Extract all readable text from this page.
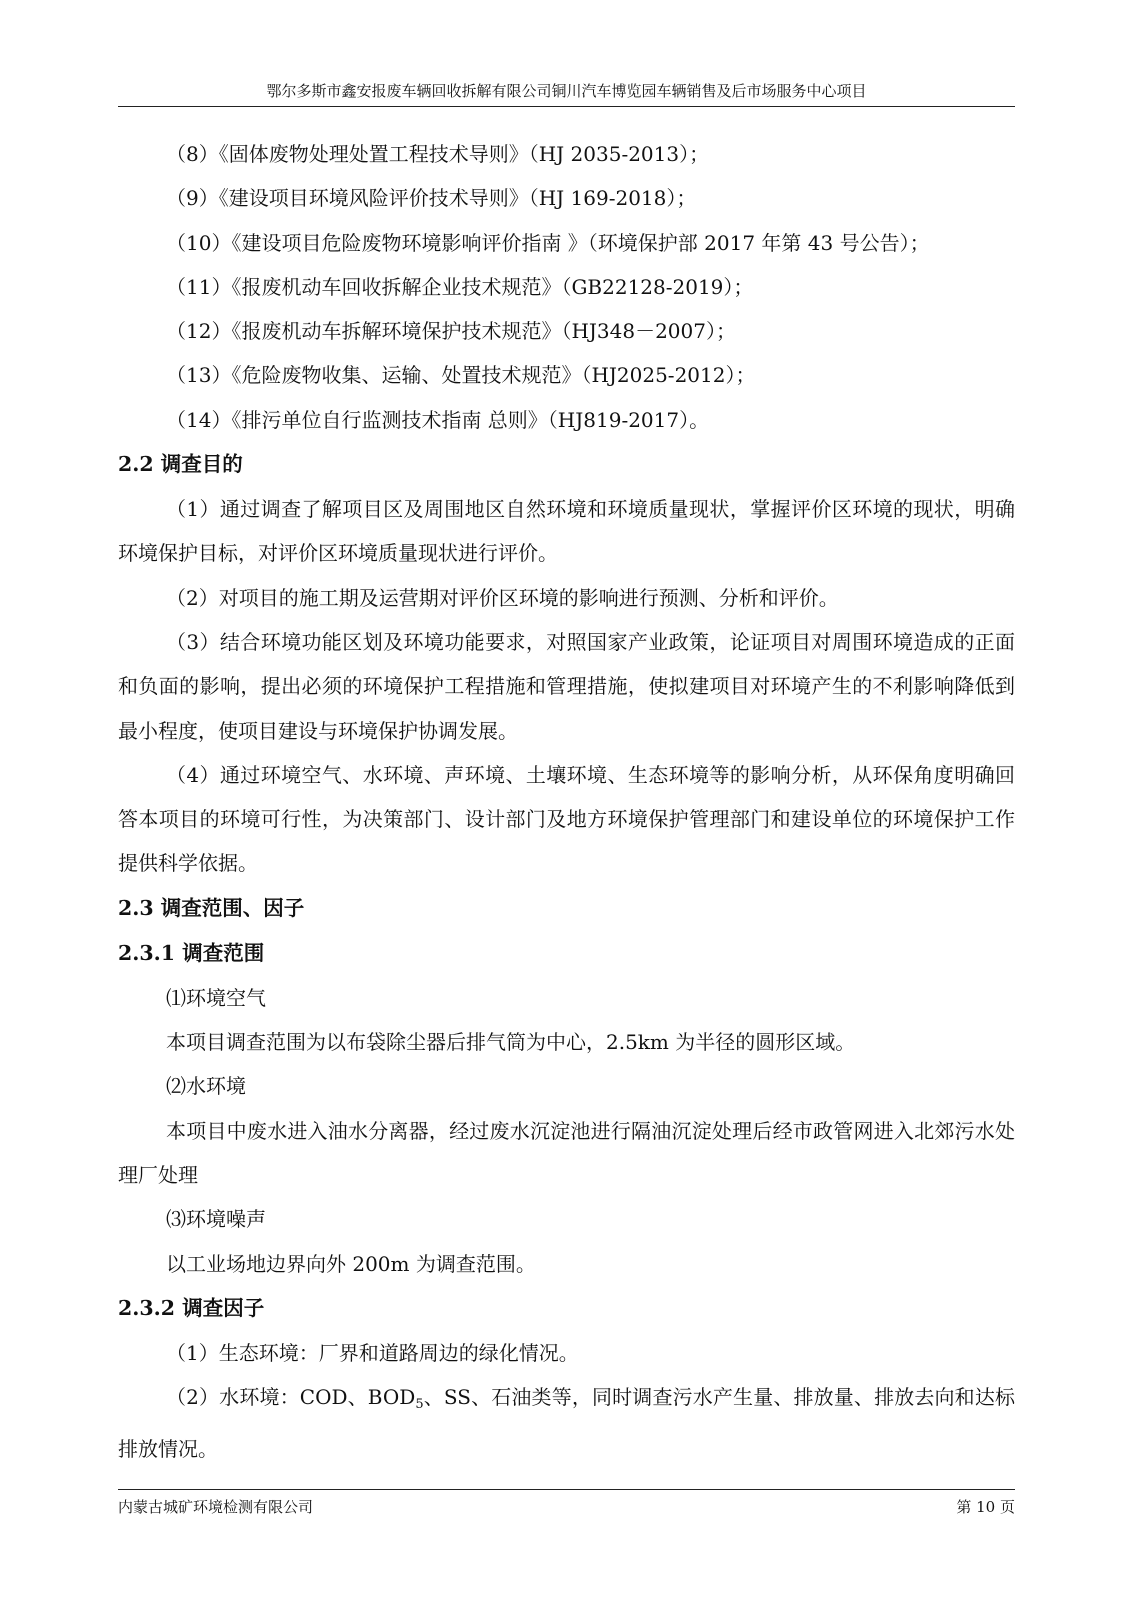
鄂尔多斯市鑫安报废车辆回收拆解有限公司铜川汽车博览园车辆销售及后市场服务中心项目

（8）《固体废物处理处置工程技术导则》（HJ 2035-2013）；

（9）《建设项目环境风险评价技术导则》（HJ 169-2018）；

（10）《建设项目危险废物环境影响评价指南 》（环境保护部 2017 年第 43 号公告）；

（11）《报废机动车回收拆解企业技术规范》（GB22128-2019）；

（12）《报废机动车拆解环境保护技术规范》（HJ348－2007）；

（13）《危险废物收集、运输、处置技术规范》（HJ2025-2012）；

（14）《排污单位自行监测技术指南 总则》（HJ819-2017）。

2.2 调查目的

（1）通过调查了解项目区及周围地区自然环境和环境质量现状，掌握评价区环境的现状，明确环境保护目标，对评价区环境质量现状进行评价。

（2）对项目的施工期及运营期对评价区环境的影响进行预测、分析和评价。

（3）结合环境功能区划及环境功能要求，对照国家产业政策，论证项目对周围环境造成的正面和负面的影响，提出必须的环境保护工程措施和管理措施，使拟建项目对环境产生的不利影响降低到最小程度，使项目建设与环境保护协调发展。

（4）通过环境空气、水环境、声环境、土壤环境、生态环境等的影响分析，从环保角度明确回答本项目的环境可行性，为决策部门、设计部门及地方环境保护管理部门和建设单位的环境保护工作提供科学依据。

2.3 调查范围、因子

2.3.1 调查范围

⑴环境空气

本项目调查范围为以布袋除尘器后排气筒为中心，2.5km 为半径的圆形区域。

⑵水环境

本项目中废水进入油水分离器，经过废水沉淀池进行隔油沉淀处理后经市政管网进入北郊污水处理厂处理

⑶环境噪声

以工业场地边界向外 200m 为调查范围。

2.3.2 调查因子

（1）生态环境：厂界和道路周边的绿化情况。

（2）水环境：COD、$BOD_5$、SS、石油类等，同时调查污水产生量、排放量、排放去向和达标排放情况。

内蒙古城矿环境检测有限公司	第 10 页
